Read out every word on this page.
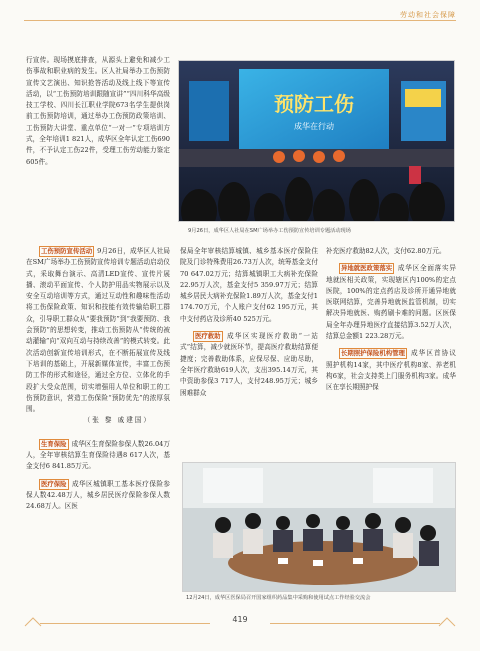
劳动和社会保障

行宣传。现场摸底排查，从源头上避免和减少工伤事故和职业病的发生。区人社局举办工伤预防宣传文艺演出、知识抢答活动及线上线下等宣传活动，以“工伤预防培训跟随宣讲”“四川科华高级技工学校、四川长江职业学院673名学生提供岗前工伤预防培训，通过举办工伤预防政策培训、工伤预防大讲堂、重点单位“一对一”专项培训方式，全年培训1 821人，成华区全年认定工伤690件，不予认定工伤22件，受理工伤劳动能力鉴定605件。

预防工伤
成华在行动
9月26日，成华区人社局在SM广场举办工伤预防宣传培训专题活动现场

工伤预防宣传活动 9月26日，成华区人社局在SM广场举办工伤预防宣传培训专题活动启动仪式，采取舞台演示、高清LED宣传、宣传片展播、滚动平面宣传、个人防护用品实物展示以及安全互动培训等方式，通过互动性和趣味性活动将工伤保险政策、知识和技能有效传输给职工群众，引导职工群众从“要我预防”到“我要预防、我会预防”的思想转变，推动工伤预防从“传统的被动灌输”向“双向互动与持续改善”的模式转变。此次活动创新宣传培训形式，在不断拓展宣传及线下培训的基础上，开展新媒体宣传，丰富工伤预防工作的形式和途径，通过全方位、立体化的手段扩大受众范围，切实增强用人单位和职工的工伤预防意识，营造工伤保险“预防优先”的浓厚氛围。

（张 黎 戚建国）

生育保险 成华区生育保险参保人数26.04万人，全年审核结算生育保险待遇8 617人次，基金支付6 841.85万元。

医疗保险 成华区城镇职工基本医疗保险参保人数42.48万人，城乡居民医疗保险参保人数24.68万人。区医

保局全年审核结算城镇、城乡基本医疗保险住院及门诊特殊费用26.73万人次，统筹基金支付70 647.02万元；结算城镇职工大病补充保险22.95万人次，基金支付5 359.97万元；结算城乡居民大病补充保险1.89万人次，基金支付1 174.70万元，个人账户支付62 195万元，其中支付药店及诊所40 525万元。

医疗救助 成华区实现医疗救助“一站式”结算，减少就医环节，提高医疗救助结算便捷度；完善救助体系，应保尽保、应助尽助，全年医疗救助619人次，支出395.14万元，其中资助参保3 717人，支付248.95万元；城乡困难群众

补充医疗救助82人次，支付62.80万元。

异地就医政策落实 成华区全面落实异地就医相关政策，实现辖区内100%的定点医院，100%的定点药店及诊所开通异地就医联网结算，完善异地就医监管机制，切实解决异地就医、购药刷卡难的问题。区医保局全年办理异地医疗直接结算3.52万人次，结算总金额1 223.28万元。

长期照护保险机构管理 成华区首协议照护机构14家，其中医疗机构8家、养老机构6家，社会支持类上门服务机构3家。成华区在享长期照护保

12月24日，成华区医保局召开国家组织药品集中采购和使用试点工作经验交流会
419
